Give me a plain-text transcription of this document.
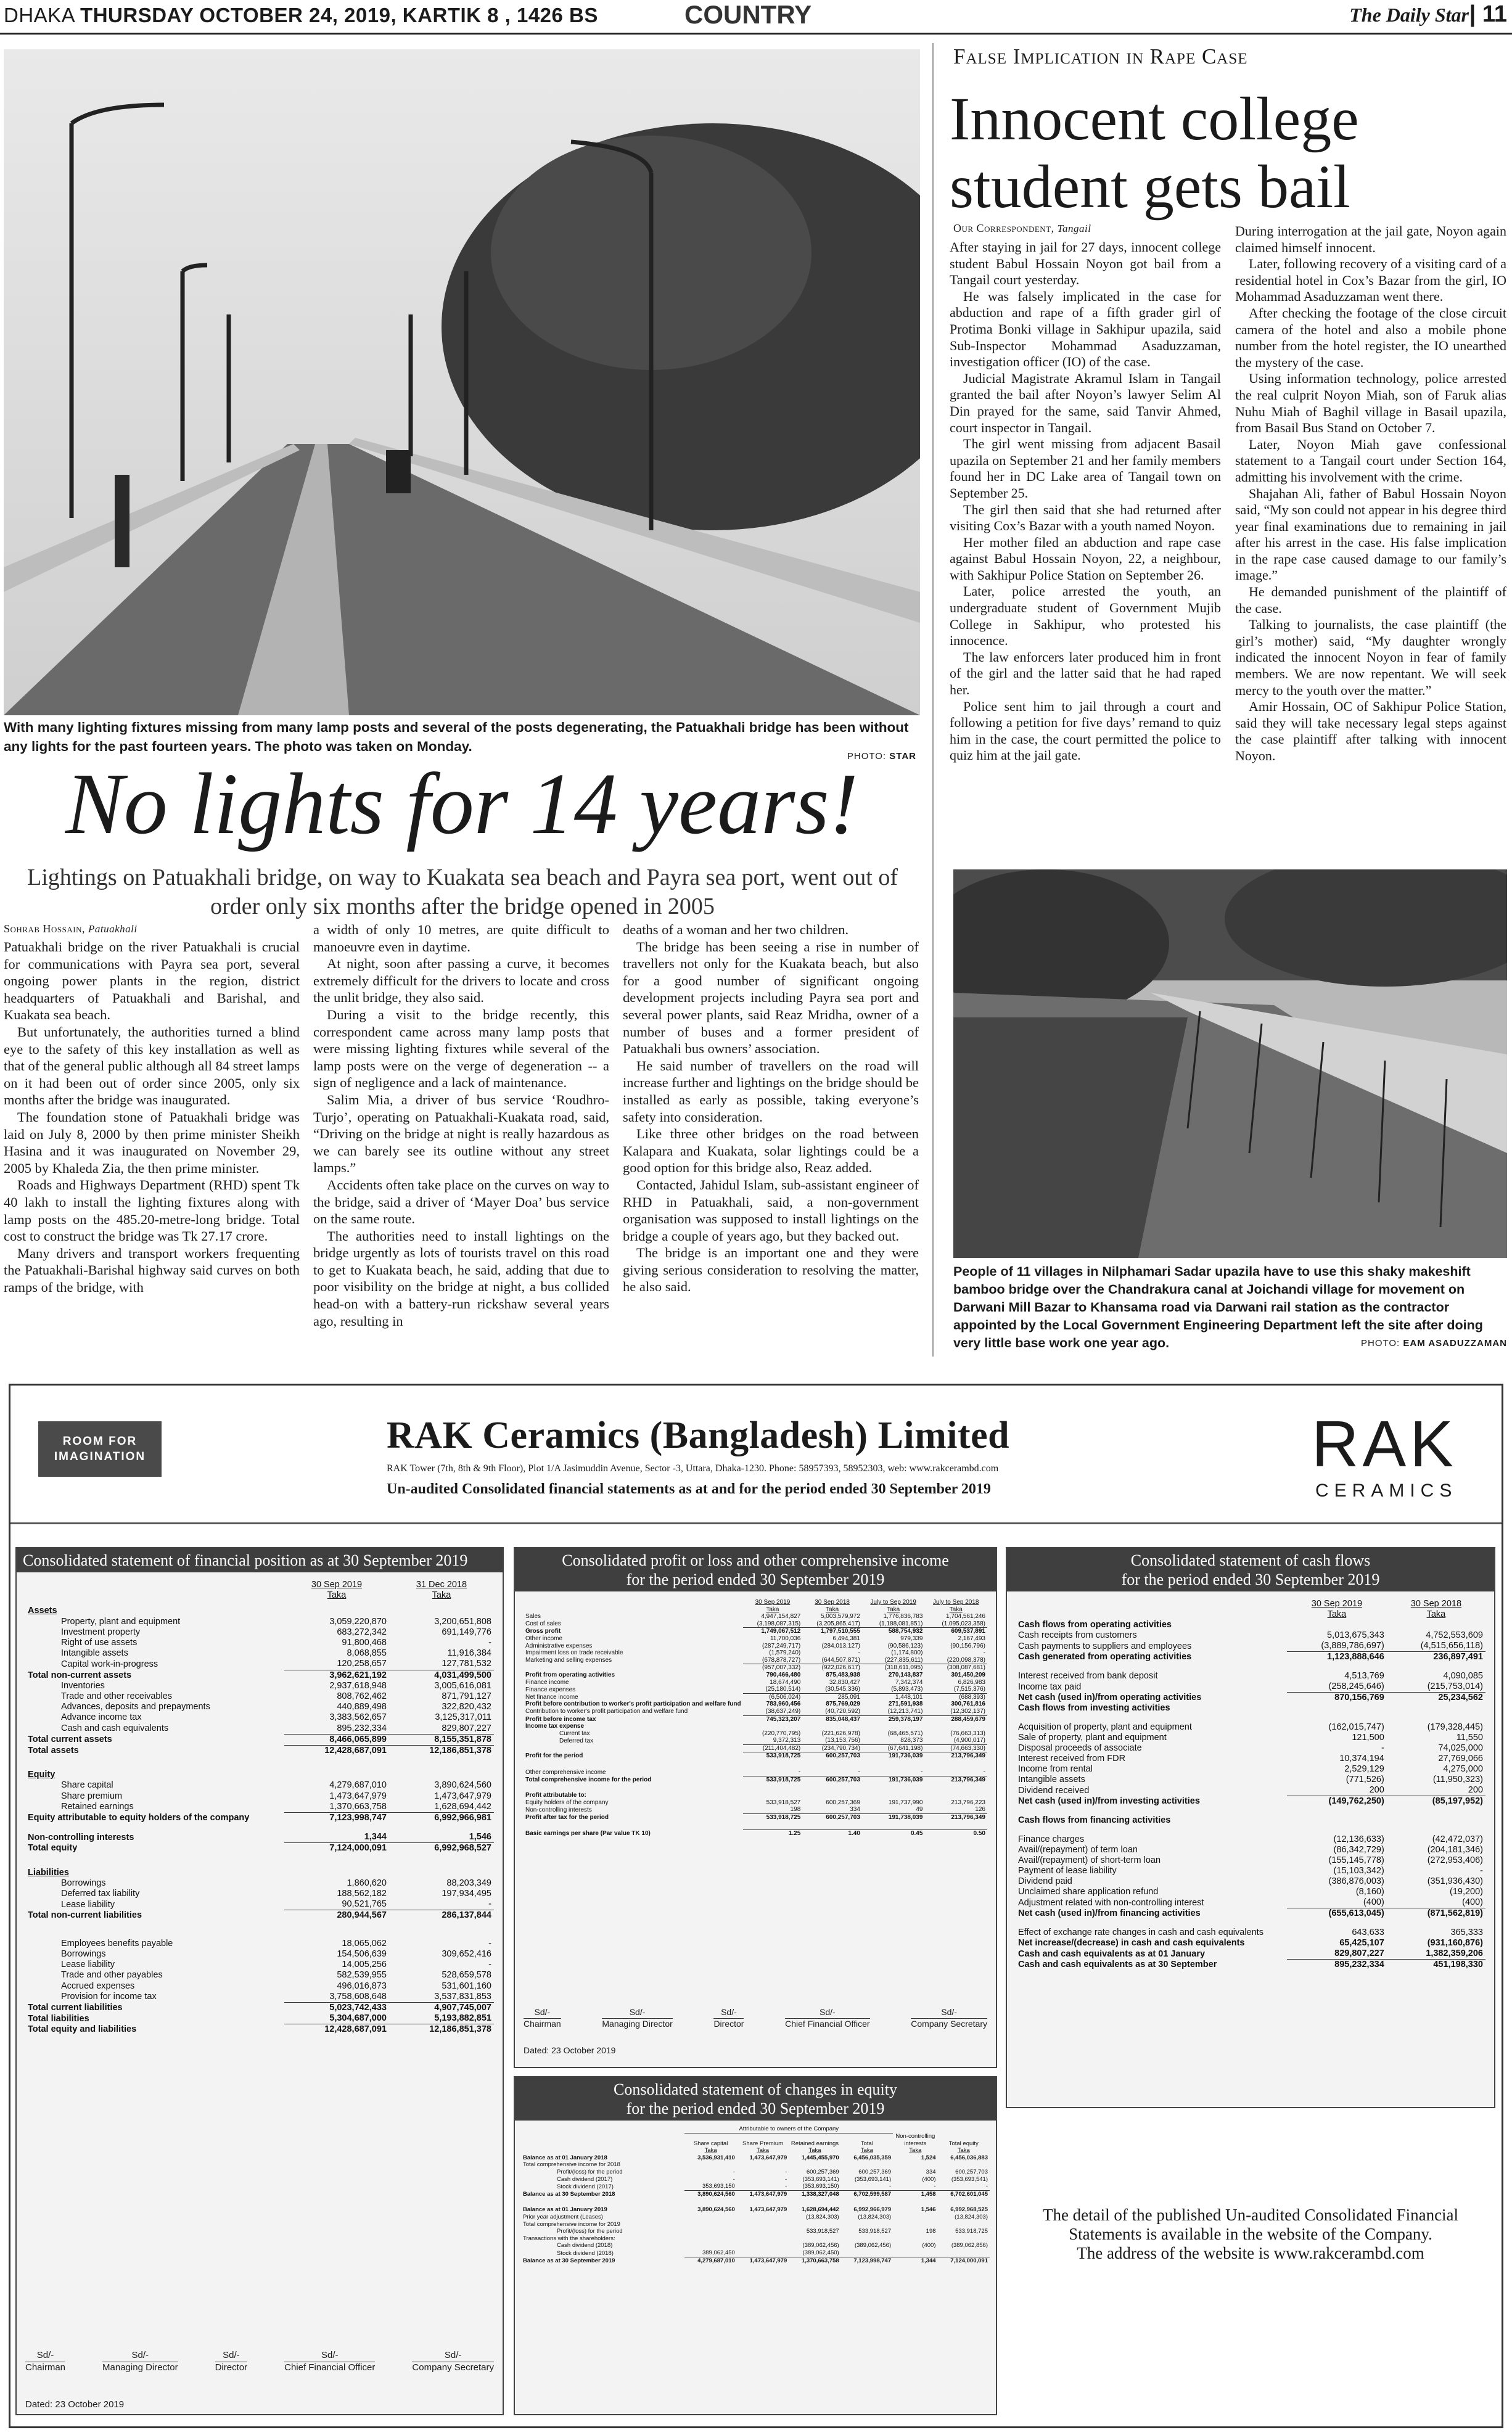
DHAKA THURSDAY OCTOBER 24, 2019, KARTIK 8 , 1426 BS	COUNTRY	The Daily Star | 11
With many lighting fixtures missing from many lamp posts and several of the posts degenerating, the Patuakhali bridge has been without any lights for the past fourteen years. The photo was taken on Monday.
PHOTO: STAR
No lights for 14 years!
Lightings on Patuakhali bridge, on way to Kuakata sea beach and Payra sea port, went out of order only six months after the bridge opened in 2005
Sohrab Hossain, Patuakhali

Patuakhali bridge on the river Patuakhali is crucial for communications with Payra sea port, several ongoing power plants in the region, district headquarters of Patuakhali and Barishal, and Kuakata sea beach.

But unfortunately, the authorities turned a blind eye to the safety of this key installation as well as that of the general public although all 84 street lamps on it had been out of order since 2005, only six months after the bridge was inaugurated.

The foundation stone of Patuakhali bridge was laid on July 8, 2000 by then prime minister Sheikh Hasina and it was inaugurated on November 29, 2005 by Khaleda Zia, the then prime minister.

Roads and Highways Department (RHD) spent Tk 40 lakh to install the lighting fixtures along with lamp posts on the 485.20-metre-long bridge. Total cost to construct the bridge was Tk 27.17 crore.

Many drivers and transport workers frequenting the Patuakhali-Barishal highway said curves on both ramps of the bridge, with

a width of only 10 metres, are quite difficult to manoeuvre even in daytime.

At night, soon after passing a curve, it becomes extremely difficult for the drivers to locate and cross the unlit bridge, they also said.

During a visit to the bridge recently, this correspondent came across many lamp posts that were missing lighting fixtures while several of the lamp posts were on the verge of degeneration -- a sign of negligence and a lack of maintenance.

Salim Mia, a driver of bus service ‘Roudhro-Turjo’, operating on Patuakhali-Kuakata road, said, “Driving on the bridge at night is really hazardous as we can barely see its outline without any street lamps.”

Accidents often take place on the curves on way to the bridge, said a driver of ‘Mayer Doa’ bus service on the same route.

The authorities need to install lightings on the bridge urgently as lots of tourists travel on this road to get to Kuakata beach, he said, adding that due to poor visibility on the bridge at night, a bus collided head-on with a battery-run rickshaw several years ago, resulting in

deaths of a woman and her two children.

The bridge has been seeing a rise in number of travellers not only for the Kuakata beach, but also for a good number of significant ongoing development projects including Payra sea port and several power plants, said Reaz Mridha, owner of a number of buses and a former president of Patuakhali bus owners’ association.

He said number of travellers on the road will increase further and lightings on the bridge should be installed as early as possible, taking everyone’s safety into consideration.

Like three other bridges on the road between Kalapara and Kuakata, solar lightings could be a good option for this bridge also, Reaz added.

Contacted, Jahidul Islam, sub-assistant engineer of RHD in Patuakhali, said, a non-government organisation was supposed to install lightings on the bridge a couple of years ago, but they backed out.

The bridge is an important one and they were giving serious consideration to resolving the matter, he also said.

False Implication in Rape Case
Innocent college student gets bail
Our Correspondent, Tangail

After staying in jail for 27 days, innocent college student Babul Hossain Noyon got bail from a Tangail court yesterday.

He was falsely implicated in the case for abduction and rape of a fifth grader girl of Protima Bonki village in Sakhipur upazila, said Sub-Inspector Mohammad Asaduzzaman, investigation officer (IO) of the case.

Judicial Magistrate Akramul Islam in Tangail granted the bail after Noyon’s lawyer Selim Al Din prayed for the same, said Tanvir Ahmed, court inspector in Tangail.

The girl went missing from adjacent Basail upazila on September 21 and her family members found her in DC Lake area of Tangail town on September 25.

The girl then said that she had returned after visiting Cox’s Bazar with a youth named Noyon.

Her mother filed an abduction and rape case against Babul Hossain Noyon, 22, a neighbour, with Sakhipur Police Station on September 26.

Later, police arrested the youth, an undergraduate student of Government Mujib College in Sakhipur, who protested his innocence.

The law enforcers later produced him in front of the girl and the latter said that he had raped her.

Police sent him to jail through a court and following a petition for five days’ remand to quiz him in the case, the court permitted the police to quiz him at the jail gate.

During interrogation at the jail gate, Noyon again claimed himself innocent.

Later, following recovery of a visiting card of a residential hotel in Cox’s Bazar from the girl, IO Mohammad Asaduzzaman went there.

After checking the footage of the close circuit camera of the hotel and also a mobile phone number from the hotel register, the IO unearthed the mystery of the case.

Using information technology, police arrested the real culprit Noyon Miah, son of Faruk alias Nuhu Miah of Baghil village in Basail upazila, from Basail Bus Stand on October 7.

Later, Noyon Miah gave confessional statement to a Tangail court under Section 164, admitting his involvement with the crime.

Shajahan Ali, father of Babul Hossain Noyon said, “My son could not appear in his degree third year final examinations due to remaining in jail after his arrest in the case. His false implication in the rape case caused damage to our family’s image.”

He demanded punishment of the plaintiff of the case.

Talking to journalists, the case plaintiff (the girl’s mother) said, “My daughter wrongly indicated the innocent Noyon in fear of family members. We are now repentant. We will seek mercy to the youth over the matter.”

Amir Hossain, OC of Sakhipur Police Station, said they will take necessary legal steps against the case plaintiff after talking with innocent Noyon.

People of 11 villages in Nilphamari Sadar upazila have to use this shaky makeshift bamboo bridge over the Chandrakura canal at Joichandi village for movement on Darwani Mill Bazar to Khansama road via Darwani rail station as the contractor appointed by the Local Government Engineering Department left the site after doing very little base work one year ago.	PHOTO: EAM ASADUZZAMAN
ROOM FOR
IMAGINATION
RAK Ceramics (Bangladesh) Limited
RAK Tower (7th, 8th & 9th Floor), Plot 1/A Jasimuddin Avenue, Sector -3, Uttara, Dhaka-1230. Phone: 58957393, 58952303, web: www.rakcerambd.com
Un-audited Consolidated financial statements as at and for the period ended 30 September 2019
RAK
CERAMICS
Consolidated statement of financial position as at 30 September 2019
	30 Sep 2019
Taka	31 Dec 2018
Taka
Assets		
Property, plant and equipment	3,059,220,870	3,200,651,808
Investment property	683,272,342	691,149,776
Right of use assets	91,800,468	-
Intangible assets	8,068,855	11,916,384
Capital work-in-progress	120,258,657	127,781,532
Total non-current assets	3,962,621,192	4,031,499,500
Inventories	2,937,618,948	3,005,616,081
Trade and other receivables	808,762,462	871,791,127
Advances, deposits and prepayments	440,889,498	322,820,432
Advance income tax	3,383,562,657	3,125,317,011
Cash and cash equivalents	895,232,334	829,807,227
Total current assets	8,466,065,899	8,155,351,878
Total assets	12,428,687,091	12,186,851,378

Equity		
Share capital	4,279,687,010	3,890,624,560
Share premium	1,473,647,979	1,473,647,979
Retained earnings	1,370,663,758	1,628,694,442
Equity attributable to equity holders of the company	7,123,998,747	6,992,966,981

Non-controlling interests	1,344	1,546
Total equity	7,124,000,091	6,992,968,527

Liabilities		
Borrowings	1,860,620	88,203,349
Deferred tax liability	188,562,182	197,934,495
Lease liability	90,521,765	-
Total non-current liabilities	280,944,567	286,137,844

Employees benefits payable	18,065,062	-
Borrowings	154,506,639	309,652,416
Lease liability	14,005,256	-
Trade and other payables	582,539,955	528,659,578
Accrued expenses	496,016,873	531,601,160
Provision for income tax	3,758,608,648	3,537,831,853
Total current liabilities	5,023,742,433	4,907,745,007
Total liabilities	5,304,687,000	5,193,882,851
Total equity and liabilities	12,428,687,091	12,186,851,378
Sd/-
Chairman
Sd/-
Managing Director
Sd/-
Director
Sd/-
Chief Financial Officer
Sd/-
Company Secretary
Dated: 23 October 2019
Consolidated profit or loss and other comprehensive income
for the period ended 30 September 2019
	30 Sep 2019
Taka	30 Sep 2018
Taka	July to Sep 2019
Taka	July to Sep 2018
Taka
Sales	4,947,154,827	5,003,579,972	1,776,836,783	1,704,561,246
Cost of sales	(3,198,087,315)	(3,205,865,417)	(1,188,081,851)	(1,095,023,358)
Gross profit	1,749,067,512	1,797,510,555	588,754,932	609,537,891
Other income	11,700,036	6,494,381	979,339	2,167,493
Administrative expenses	(287,249,717)	(284,013,127)	(90,586,123)	(90,156,796)
Impairment loss on trade receivable	(1,579,240)	-	(1,174,800)	-
Marketing and selling expenses	(678,878,727)	(644,507,871)	(227,835,611)	(220,098,378)
	(957,007,332)	(922,026,617)	(318,611,095)	(308,087,681)
Profit from operating activities	790,466,480	875,483,938	270,143,837	301,450,209
Finance income	18,674,490	32,830,427	7,342,374	6,826,983
Finance expenses	(25,180,514)	(30,545,336)	(5,893,473)	(7,515,376)
Net finance income	(6,506,024)	285,091	1,448,101	(688,393)
Profit before contribution to worker's profit participation and welfare fund	783,960,456	875,769,029	271,591,938	300,761,816
Contribution to worker's profit participation and welfare fund	(38,637,249)	(40,720,592)	(12,213,741)	(12,302,137)
Profit before income tax	745,323,207	835,048,437	259,378,197	288,459,679
Income tax expense				
Current tax	(220,770,795)	(221,626,978)	(68,465,571)	(76,663,313)
Deferred tax	9,372,313	(13,153,756)	828,373	(4,900,017)
	(211,404,482)	(234,790,734)	(67,641,198)	(74,663,330)
Profit for the period	533,918,725	600,257,703	191,736,039	213,796,349

Other comprehensive income	-	-	-	-
Total comprehensive income for the period	533,918,725	600,257,703	191,736,039	213,796,349

Profit attributable to:				
Equity holders of the company	533,918,527	600,257,369	191,737,990	213,796,223
Non-controlling interests	198	334	49	126
Profit after tax for the period	533,918,725	600,257,703	191,738,039	213,796,349

Basic earnings per share (Par value TK 10)	1.25	1.40	0.45	0.50
Sd/-
Chairman
Sd/-
Managing Director
Sd/-
Director
Sd/-
Chief Financial Officer
Sd/-
Company Secretary
Dated: 23 October 2019
Consolidated statement of changes in equity
for the period ended 30 September 2019
	Attributable to owners of the Company					
	Share capital
Taka	Share Premium
Taka	Retained earnings
Taka	Total
Taka	Non-controlling interests
Taka	Total equity
Taka
Balance as at 01 January 2018	3,536,931,410	1,473,647,979	1,445,455,970	6,456,035,359	1,524	6,456,036,883
Total comprehensive income for 2018						
Profit/(loss) for the period	-	-	600,257,369	600,257,369	334	600,257,703
Cash dividend (2017)	-	-	(353,693,141)	(353,693,141)	(400)	(353,693,541)
Stock dividend (2017)	353,693,150	-	(353,693,150)	-	-	-
Balance as at 30 September 2018	3,890,624,560	1,473,647,979	1,338,327,048	6,702,599,587	1,458	6,702,601,045

Balance as at 01 January 2019	3,890,624,560	1,473,647,979	1,628,694,442	6,992,966,979	1,546	6,992,968,525
Prior year adjustment (Leases)			(13,824,303)	(13,824,303)		(13,824,303)
Total comprehensive income for 2019						
Profit/(loss) for the period			533,918,527	533,918,527	198	533,918,725
Transactions with the shareholders:						
Cash dividend (2018)			(389,062,456)	(389,062,456)	(400)	(389,062,856)
Stock dividend (2018)	389,062,450		(389,062,450)			
Balance as at 30 September 2019	4,279,687,010	1,473,647,979	1,370,663,758	7,123,998,747	1,344	7,124,000,091
Consolidated statement of cash flows
for the period ended 30 September 2019
	30 Sep 2019
Taka	30 Sep 2018
Taka
Cash flows from operating activities		
Cash receipts from customers	5,013,675,343	4,752,553,609
Cash payments to suppliers and employees	(3,889,786,697)	(4,515,656,118)
Cash generated from operating activities	1,123,888,646	236,897,491

Interest received from bank deposit	4,513,769	4,090,085
Income tax paid	(258,245,646)	(215,753,014)
Net cash (used in)/from operating activities	870,156,769	25,234,562
Cash flows from investing activities		

Acquisition of property, plant and equipment	(162,015,747)	(179,328,445)
Sale of property, plant and equipment	121,500	11,550
Disposal proceeds of associate	-	74,025,000
Interest received from FDR	10,374,194	27,769,066
Income from rental	2,529,129	4,275,000
Intangible assets	(771,526)	(11,950,323)
Dividend received	200	200
Net cash (used in)/from investing activities	(149,762,250)	(85,197,952)

Cash flows from financing activities		

Finance charges	(12,136,633)	(42,472,037)
Avail/(repayment) of term loan	(86,342,729)	(204,181,346)
Avail/(repayment) of short-term loan	(155,145,778)	(272,953,406)
Payment of lease liability	(15,103,342)	-
Dividend paid	(386,876,003)	(351,936,430)
Unclaimed share application refund	(8,160)	(19,200)
Adjustment related with non-controlling interest	(400)	(400)
Net cash (used in)/from financing activities	(655,613,045)	(871,562,819)

Effect of exchange rate changes in cash and cash equivalents	643,633	365,333
Net increase/(decrease) in cash and cash equivalents	65,425,107	(931,160,876)
Cash and cash equivalents as at 01 January	829,807,227	1,382,359,206
Cash and cash equivalents as at 30 September	895,232,334	451,198,330
The detail of the published Un-audited Consolidated Financial
Statements is available in the website of the Company.
The address of the website is www.rakcerambd.com
